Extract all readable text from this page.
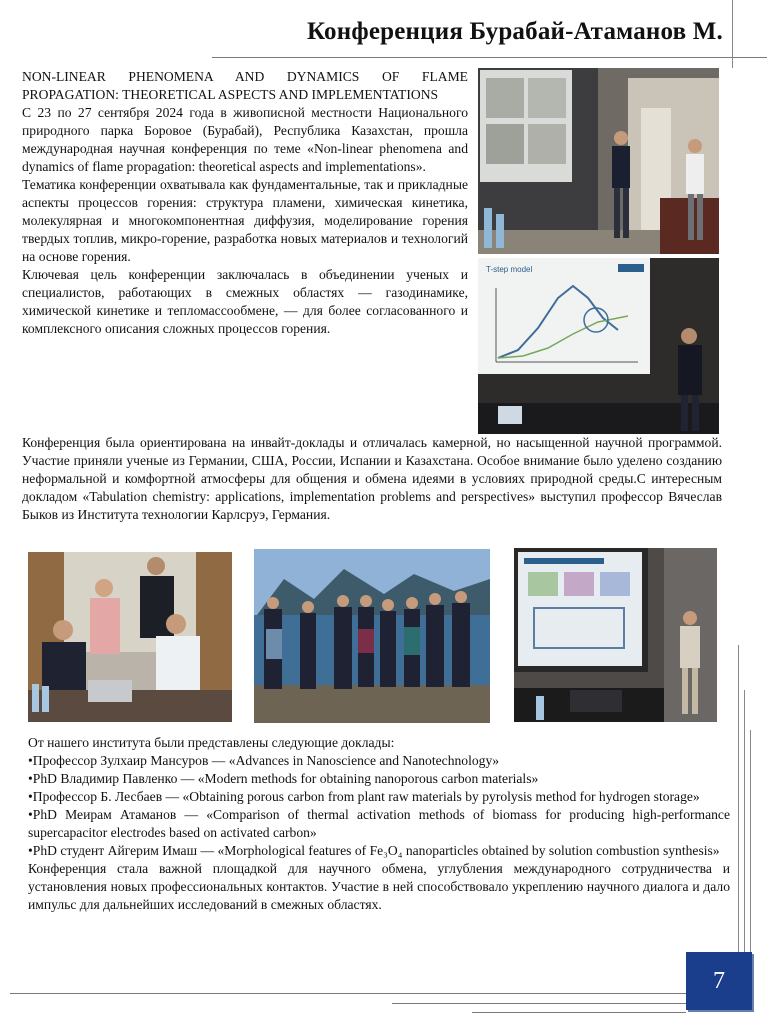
Конференция Бурабай-Атаманов М.

NON-LINEAR PHENOMENA AND DYNAMICS OF FLAME PROPAGATION: THEORETICAL ASPECTS AND IMPLEMENTATIONS

С 23 по 27 сентября 2024 года в живописной местности Национального природного парка Боровое (Бурабай), Республика Казахстан, прошла международная научная конференция по теме «Non-linear phenomena and dynamics of flame propagation: theoretical aspects and implementations».

Тематика конференции охватывала как фундаментальные, так и прикладные аспекты процессов горения: структура пламени, химическая кинетика, молекулярная и многокомпонентная диффузия, моделирование горения твердых топлив, микро-горение, разработка новых материалов и технологий на основе горения.

Ключевая цель конференции заключалась в объединении ученых и специалистов, работающих в смежных областях — газодинамике, химической кинетике и тепломассообмене, — для более согласованного и комплексного описания сложных процессов горения.

T-step model

Конференция была ориентирована на инвайт-доклады и отличалась камерной, но насыщенной научной программой. Участие приняли ученые из Германии, США, России, Испании и Казахстана. Особое внимание было уделено созданию неформальной и комфортной атмосферы для общения и обмена идеями в условиях природной среды.С интересным докладом «Tabulation chemistry: applications, implementation problems and perspectives» выступил профессор Вячеслав Быков из Института технологии Карлсруэ, Германия.

От нашего института были представлены следующие доклады:

•Профессор Зулхаир Мансуров — «Advances in Nanoscience and Nanotechnology»

•PhD Владимир Павленко — «Modern methods for obtaining nanoporous carbon materials»

•Профессор Б. Лесбаев — «Obtaining porous carbon from plant raw materials by pyrolysis method for hydrogen storage»

•PhD Меирам Атаманов — «Comparison of thermal activation methods of biomass for producing high-performance supercapacitor electrodes based on activated carbon»

•PhD студент Айгерим Имаш — «Morphological features of Fe₃O₄ nanoparticles obtained by solution combustion synthesis»

Конференция стала важной площадкой для научного обмена, углубления международного сотрудничества и установления новых профессиональных контактов. Участие в ней способствовало укреплению научного диалога и дало импульс для дальнейших исследований в смежных областях.

7
